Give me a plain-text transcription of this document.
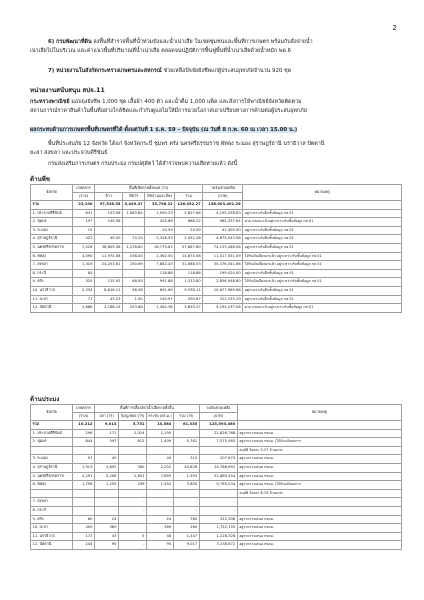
2

6) กรมพัฒนาที่ดิน ลงพื้นที่สำรวจพื้นที่น้ำท่วมขังและน้ำเน่าเสีย ในเขตชุมชนและพื้นที่การเกษตร พร้อมกับสั่งจ่ายน้ำ
เน่าเสียไปในบริเวณ และค่าแนวพื้นที่ปริมาณที่น้ำเน่าเสีย ตลอดจนปฏิบัติการฟื้นฟูพื้นที่น้ำเน่าเสียด้วยน้ำหมัก พด.6

7) หน่วยงานในสังกัดกระทรวงเกษตรและสหกรณ์ ช่วยเหลือปัจจัยยังชีพแก่ผู้ประสบอุทกภัยจำนวน 920 ชุด

หน่วยงานสนับสนุน สปจ.11

กระทรวงพาณิชย์ มอบถุงยังชีพ 1,000 ชุด เสื้อผ้า 400 ตัว และน้ำดื่ม 1,000 แพ็ค และสั่งการให้พาณิชย์จังหวัดติดตาม
สถานการณ์ราคาสินค้าในพื้นที่อย่างใกล้ชิดและกำกับดูแลไม่ให้มีการฉวยโอกาสเอาเปรียบทางการค้ามต่อผู้ประสบอุทกภัย

ผลกระทบด้านการเกษตรพื้นที่เกษตรที่ได้ ตั้งแต่วันที่ 1 ธ.ค. 59 – ปัจจุบัน (ณ วันที่ 8 ก.พ. 60 ณ เวลา 15.00 น.)

พื้นที่ประสบภัย 12 จังหวัด ได้แก่ จังหวัดกระบี่ ชุมพร ตรัง นครศรีธรรมราช พัทลุง ระนอง สุราษฎร์ธานี นราธิวาส ปัตตานี
ยะลา สงขลา และประจวบคีรีขันธ์

กรมส่งเสริมการเกษตร กรมประมง กรมปศุสัตว์ ได้สำรวจพบความเสียหายแล้ว ดังนี้

ด้านพืช
จังหวัด	เกษตรกร	พื้นที่เสียหายทั้งหมด (ไร่)				วงเงินช่วยเหลือ	หมายเหตุ
	(ราย)	ข้าว	พืชไร่	พืชสวนและอื่นๆ	รวม	(บาท)	
รวม	23,100	97,526.35	5,429.47	33,796.22	126,052.27	158,003,401.26	
1. ประจวบคีรีขันธ์	631	153.58	1,083.85	1,590.23	2,827.66	4,195,258.83	อยู่ระหว่างรับอีกชั้นข้อมูล กษ 01
2. ชุมพร	197	245.36		425.86	666.22	984,337.64	ผ่าน กชภอ.แล้วอยู่ระหว่างรับชั้นข้อมูล กษ.01
3. ระนอง	15			24.59	24.59	41,405.00	อยู่ระหว่างรับอีกชั้นข้อมูล กษ 01
4. สุราษฎร์ธานี	423	49.50	74.25	2,328.53	2,452.28	4,875,543.98	อยู่ระหว่างรับอีกชั้นข้อมูล กษ 01
5. นครศรีธรรมราช	7,026	38,809.38	1,278.80	16,779.62	57,867.80	74,133,466.06	อยู่ระหว่างรับอีกชั้นข้อมูล กษ 01
6. พัทลุง	4,090	11,974.08	538.00	2,362.50	14,874.58	11,517,551.09	ได้รับเงินเยียวยาแล้ว อยู่ระหว่างรับชั้นข้อมูล กษ.01
7. สงขลา	1,319	24,253.61	150.69	7,882.43	31,688.53	35,376,541.66	ได้รับเงินเยียวยาแล้ว อยู่ระหว่างรับชั้นข้อมูล กษ 01
8. กระบี่	84			118.88	118.88	199,420.00	อยู่ระหว่างรับอีกชั้นข้อมูล กษ 01
9. ตรัง	325	215.92	68.00	991.88	1,313.80	2,856,948.60	ได้รับเงินเยียวยาแล้ว อยู่ระหว่างรับชั้นข้อมูล กษ 01
10. นราธิวาส	2,334	8,816.11	36.58	691.69	9,338.11	10,677,985.66	อยู่ระหว่างรับอีกชั้นข้อมูล กษ 01
11. ยะลา	71	43.23	1.50	155.97	200.67	312,155.29	อยู่ระหว่างรับอีกชั้นข้อมูล กษ 01
12. ปัตตานี	1,686	2,186.19	253.88	1,462.38	3,859.27	5,194,237.06	ผ่าน กชภอ.แล้วอยู่ระหว่างรับชั้นข้อมูล กษ.01
ด้านประมง
จังหวัด	เกษตรกร	พื้นที่การเลี้ยงสัตว์น้ำเสียหายทั้งสิ้น				วงเงินช่วยเหลือ	หมายเหตุ
	(ราย)	ปลา (ไร่)	กุ้ง/ปู/หอย (ไร่)	กระชัง (ตร.ม.)	รวม (ไร่)	(บาท)	
รวม	10,212	9,013	5,751	15,564	61,335	125,593,460	
1. ประจวบคีรีขันธ์	296	171	2,024	2,195		22,826,768	อยู่ระหว่างเสนอ กชภอ.
2. ชุมพร	844	597	812	1,409	5,761	7,575,565	อยู่ระหว่างเสนอ กชภอ. (ได้รับแจ้งผลการ
							อนุมัติ ร้อยละ 3.37 ล้านบาท
3. ระนอง	97	40		40	315	207,675	อยู่ระหว่างเสนอ กชภอ.
4. สุราษฎร์ธานี	1,913	1,892	360	2,252	40,826	24,786,891	อยู่ระหว่างเสนอ กชภอ.
5. นครศรีธรรมราช	4,291	5,208	2,651	7,859	1,593	51,889,554	อยู่ระหว่างเสนอ กชภอ.
6. พัทลุง	1,756	1,255	299	1,554	3,800	9,765,534	อยู่ระหว่างเสนอ กชภอ. (ได้รับแจ้งผลการ
							อนุมัติ ร้อยละ 8.15 ล้านบาท
7. สงขลา	-	-	-	-	-	-	
8. กระบี่	-	-	-	-	-	-	
9. ตรัง	60	24		24	760	322,308	อยู่ระหว่างเสนอ กชภอ.
10. ยะลา	409	389		389	260	1,752,155	อยู่ระหว่างเสนอ กชภอ.
11. นราธิวาส	173	43	5	48	1,547	1,228,328	อยู่ระหว่างเสนอ กชภอ.
12. ปัตตานี	244	95	-	95	9,017	3,238,672	อยู่ระหว่างเสนอ กชภอ.
